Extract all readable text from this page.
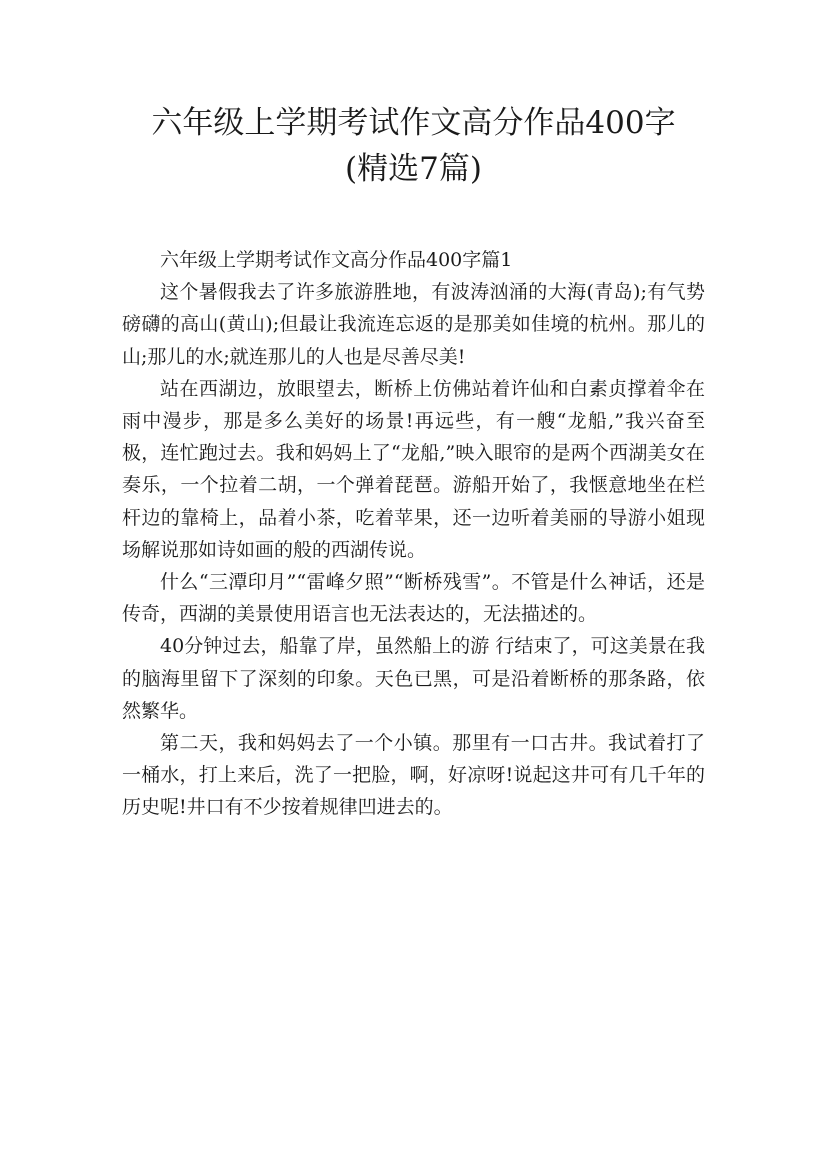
六年级上学期考试作文高分作品400字(精选7篇)
六年级上学期考试作文高分作品400字篇1

这个暑假我去了许多旅游胜地，有波涛汹涌的大海(青岛);有气势磅礴的高山(黄山);但最让我流连忘返的是那美如佳境的杭州。那儿的山;那儿的水;就连那儿的人也是尽善尽美!

站在西湖边，放眼望去，断桥上仿佛站着许仙和白素贞撑着伞在雨中漫步，那是多么美好的场景!再远些，有一艘“龙船,”我兴奋至极，连忙跑过去。我和妈妈上了“龙船,”映入眼帘的是两个西湖美女在奏乐，一个拉着二胡，一个弹着琵琶。游船开始了，我惬意地坐在栏杆边的靠椅上，品着小茶，吃着苹果，还一边听着美丽的导游小姐现场解说那如诗如画的般的西湖传说。

什么“三潭印月”“雷峰夕照”“断桥残雪”。不管是什么神话，还是传奇，西湖的美景使用语言也无法表达的，无法描述的。

40分钟过去，船靠了岸，虽然船上的游 行结束了，可这美景在我的脑海里留下了深刻的印象。天色已黑，可是沿着断桥的那条路，依然繁华。

第二天，我和妈妈去了一个小镇。那里有一口古井。我试着打了一桶水，打上来后，洗了一把脸，啊，好凉呀!说起这井可有几千年的历史呢!井口有不少按着规律凹进去的。
